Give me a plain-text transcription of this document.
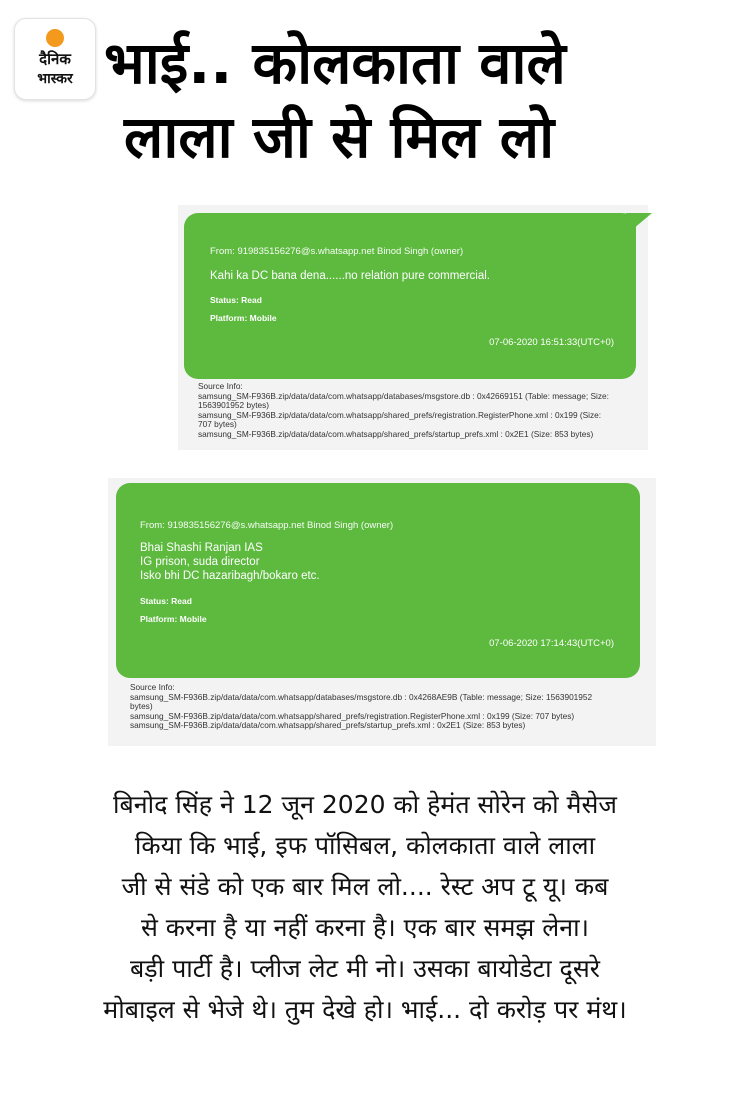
दैनिक
भास्कर भाई.. कोलकाता वाले
लाला जी से मिल लो
From: 919835156276@s.whatsapp.net Binod Singh (owner)
Kahi ka DC bana dena......no relation pure commercial.
Status: Read
Platform: Mobile
07-06-2020 16:51:33(UTC+0)
Source Info:
samsung_SM-F936B.zip/data/data/com.whatsapp/databases/msgstore.db : 0x42669151 (Table: message; Size:
1563901952 bytes)
samsung_SM-F936B.zip/data/data/com.whatsapp/shared_prefs/registration.RegisterPhone.xml : 0x199 (Size:
707 bytes)
samsung_SM-F936B.zip/data/data/com.whatsapp/shared_prefs/startup_prefs.xml : 0x2E1 (Size: 853 bytes)
From: 919835156276@s.whatsapp.net Binod Singh (owner)
Bhai Shashi Ranjan IAS
IG prison, suda director
Isko bhi DC hazaribagh/bokaro etc.
Status: Read
Platform: Mobile
07-06-2020 17:14:43(UTC+0)
Source Info:
samsung_SM-F936B.zip/data/data/com.whatsapp/databases/msgstore.db : 0x4268AE9B (Table: message; Size: 1563901952
bytes)
samsung_SM-F936B.zip/data/data/com.whatsapp/shared_prefs/registration.RegisterPhone.xml : 0x199 (Size: 707 bytes)
samsung_SM-F936B.zip/data/data/com.whatsapp/shared_prefs/startup_prefs.xml : 0x2E1 (Size: 853 bytes)
बिनोद सिंह ने 12 जून 2020 को हेमंत सोरेन को मैसेज
किया कि भाई, इफ पॉसिबल, कोलकाता वाले लाला
जी से संडे को एक बार मिल लो.... रेस्ट अप टू यू। कब
से करना है या नहीं करना है। एक बार समझ लेना।
बड़ी पार्टी है। प्लीज लेट मी नो। उसका बायोडेटा दूसरे
मोबाइल से भेजे थे। तुम देखे हो। भाई... दो करोड़ पर मंथ।
